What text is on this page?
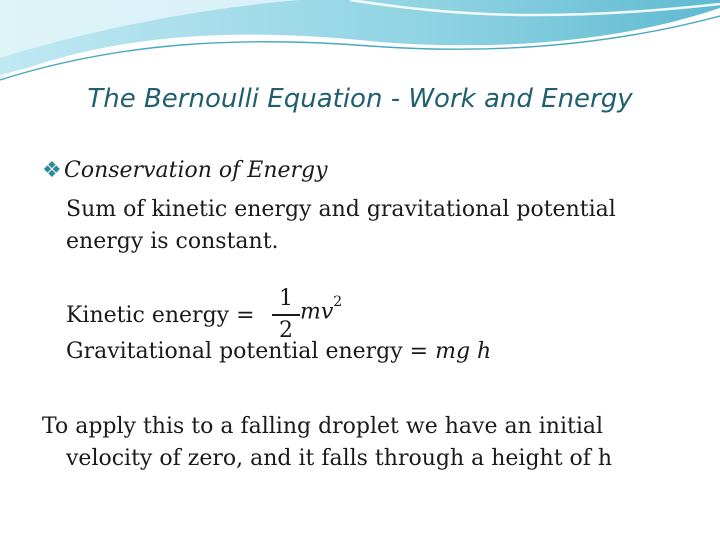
The Bernoulli Equation - Work and Energy
❖ Conservation of Energy
Sum of kinetic energy and gravitational potential
energy is constant.
Kinetic energy =
1
2
$mv^2$
Gravitational potential energy = mg h
To apply this to a falling droplet we have an initial
velocity of zero, and it falls through a height of h
